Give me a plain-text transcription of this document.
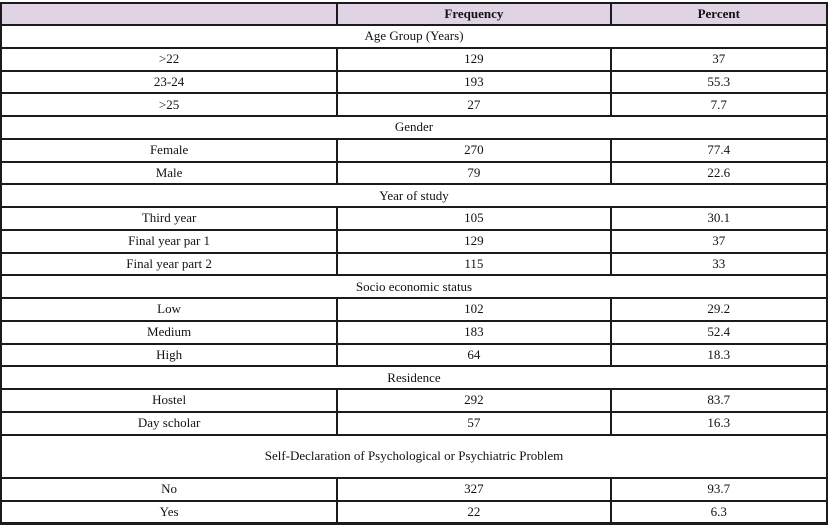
	Frequency	Percent
Age Group (Years)		
>22	129	37
23-24	193	55.3
>25	27	7.7
Gender		
Female	270	77.4
Male	79	22.6
Year of study		
Third year	105	30.1
Final year par 1	129	37
Final year part 2	115	33
Socio economic status		
Low	102	29.2
Medium	183	52.4
High	64	18.3
Residence		
Hostel	292	83.7
Day scholar	57	16.3
Self-Declaration of Psychological or Psychiatric Problem		
No	327	93.7
Yes	22	6.3
